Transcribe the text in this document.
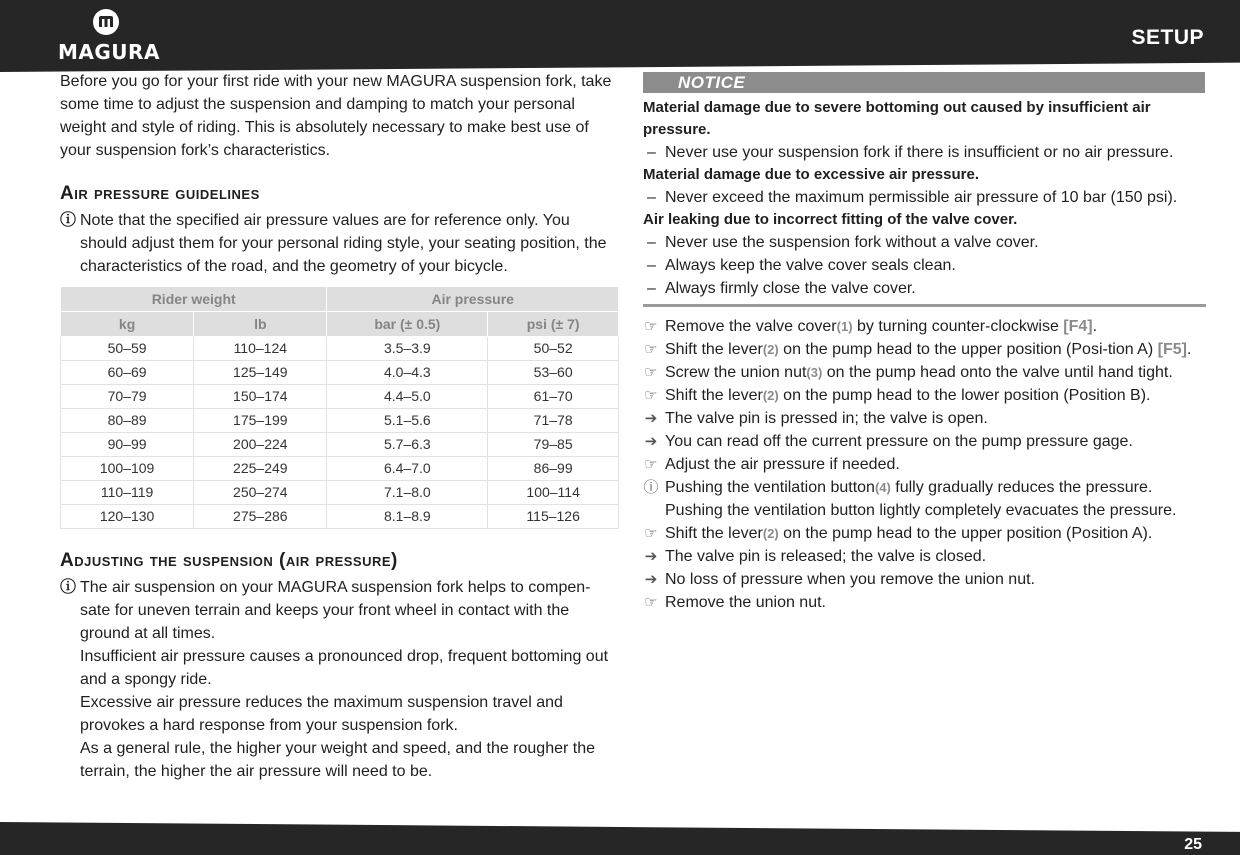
MAGURA
SETUP

Before you go for your first ride with your new MAGURA suspension fork, take some time to adjust the suspension and damping to match your personal weight and style of riding. This is absolutely necessary to make best use of your suspension fork’s characteristics.

Air pressure guidelines
ⓘ Note that the specified air pressure values are for reference only. You should adjust them for your personal riding style, your seating position, the characteristics of the road, and the geometry of your bicycle.
Rider weight		Air pressure	
kg	lb	bar (± 0.5)	psi (± 7)
50–59	110–124	3.5–3.9	50–52
60–69	125–149	4.0–4.3	53–60
70–79	150–174	4.4–5.0	61–70
80–89	175–199	5.1–5.6	71–78
90–99	200–224	5.7–6.3	79–85
100–109	225–249	6.4–7.0	86–99
110–119	250–274	7.1–8.0	100–114
120–130	275–286	8.1–8.9	115–126
Adjusting the suspension (air pressure)
ⓘ The air suspension on your MAGURA suspension fork helps to compen-sate for uneven terrain and keeps your front wheel in contact with the ground at all times.

Insufficient air pressure causes a pronounced drop, frequent bottoming out and a spongy ride.

Excessive air pressure reduces the maximum suspension travel and provokes a hard response from your suspension fork.

As a general rule, the higher your weight and speed, and the rougher the terrain, the higher the air pressure will need to be.

NOTICE
Material damage due to severe bottoming out caused by insufficient air pressure.
– Never use your suspension fork if there is insufficient or no air pressure.
Material damage due to excessive air pressure.
– Never exceed the maximum permissible air pressure of 10 bar (150 psi).
Air leaking due to incorrect fitting of the valve cover.
– Never use the suspension fork without a valve cover.
– Always keep the valve cover seals clean.
– Always firmly close the valve cover.
☞ Remove the valve cover(1) by turning counter-clockwise [F4].
☞ Shift the lever(2) on the pump head to the upper position (Posi-tion A) [F5].
☞ Screw the union nut(3) on the pump head onto the valve until hand tight.
☞ Shift the lever(2) on the pump head to the lower position (Position B).
➔ The valve pin is pressed in; the valve is open.
➔ You can read off the current pressure on the pump pressure gage.
☞ Adjust the air pressure if needed.
ⓘ Pushing the ventilation button(4) fully gradually reduces the pressure. Pushing the ventilation button lightly completely evacuates the pressure.
☞ Shift the lever(2) on the pump head to the upper position (Position A).
➔ The valve pin is released; the valve is closed.
➔ No loss of pressure when you remove the union nut.
☞ Remove the union nut.
25
